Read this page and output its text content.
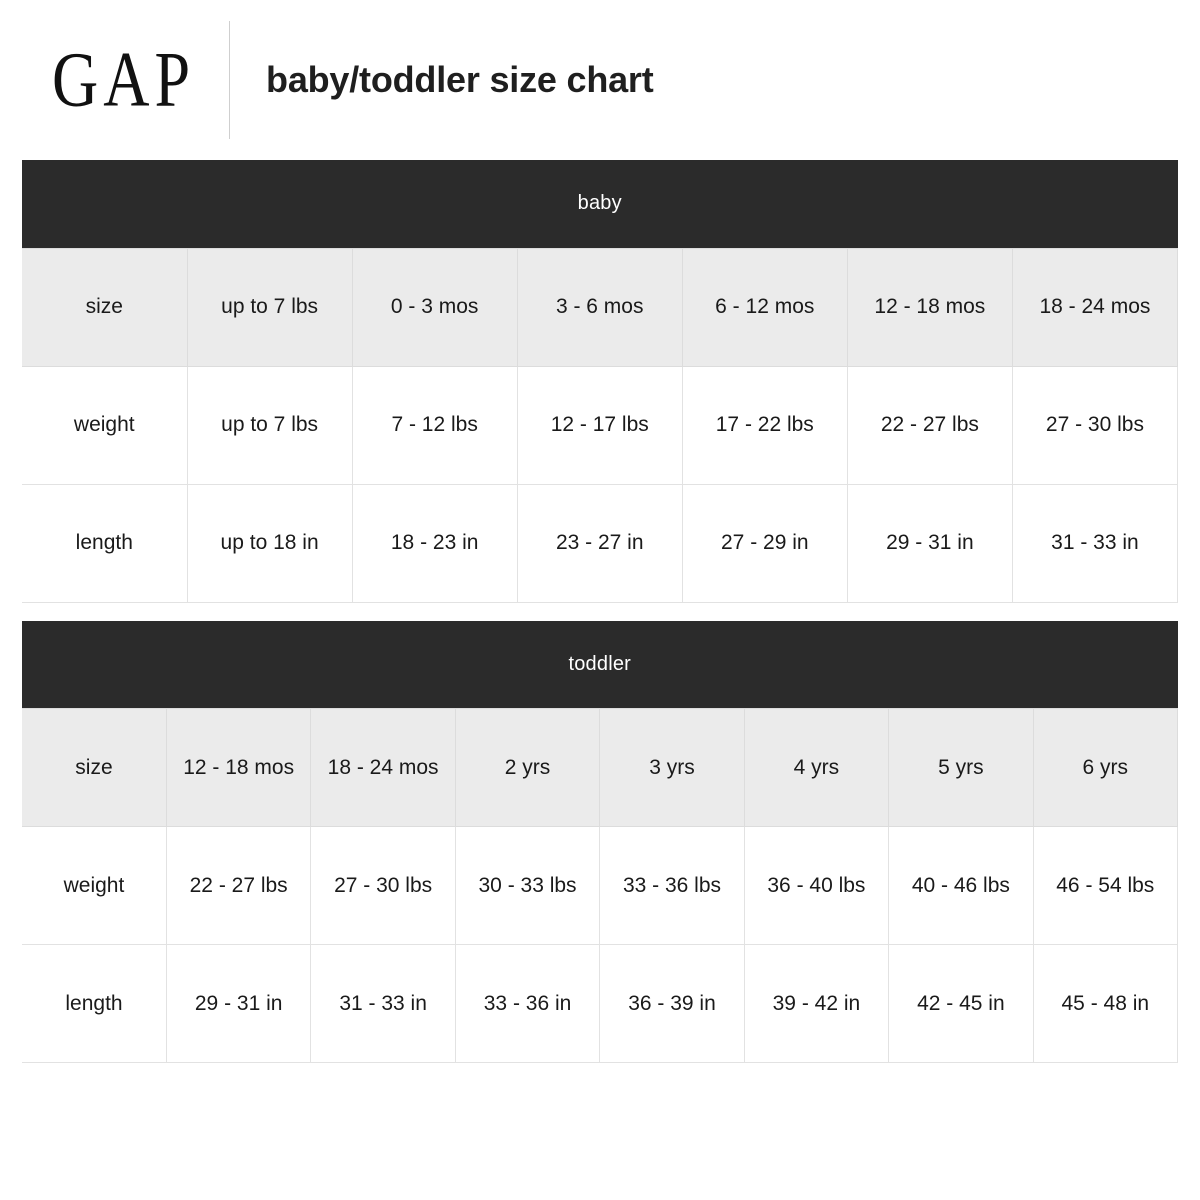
GAP	baby/toddler size chart
baby						
size	up to 7 lbs	0 - 3 mos	3 - 6 mos	6 - 12 mos	12 - 18 mos	18 - 24 mos
weight	up to 7 lbs	7 - 12 lbs	12 - 17 lbs	17 - 22 lbs	22 - 27 lbs	27 - 30 lbs
length	up to 18 in	18 - 23 in	23 - 27 in	27 - 29 in	29 - 31 in	31 - 33 in
toddler							
size	12 - 18 mos	18 - 24 mos	2 yrs	3 yrs	4 yrs	5 yrs	6 yrs
weight	22 - 27 lbs	27 - 30 lbs	30 - 33 lbs	33 - 36 lbs	36 - 40 lbs	40 - 46 lbs	46 - 54 lbs
length	29 - 31 in	31 - 33 in	33 - 36 in	36 - 39 in	39 - 42 in	42 - 45 in	45 - 48 in
